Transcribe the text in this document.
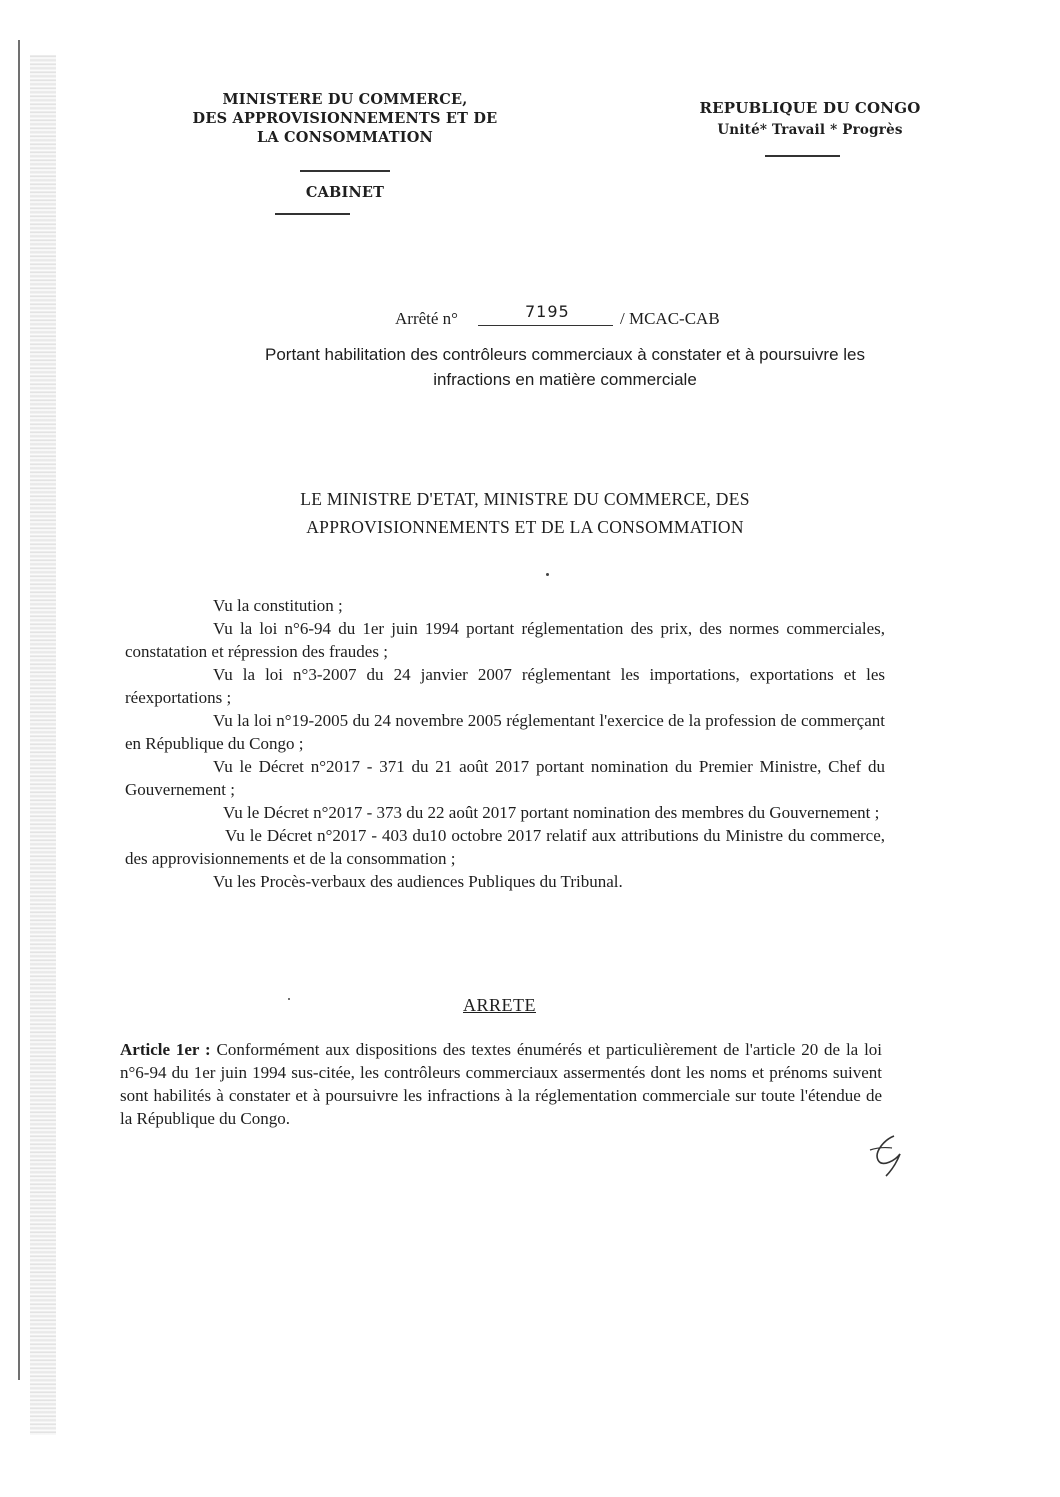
MINISTERE DU COMMERCE,
DES APPROVISIONNEMENTS ET DE
LA CONSOMMATION
CABINET
REPUBLIQUE DU CONGO
Unité* Travail * Progrès
Arrêté n°	7195	/ MCAC-CAB
Portant habilitation des contrôleurs commerciaux à constater et à poursuivre les
infractions en matière commerciale
LE MINISTRE D'ETAT, MINISTRE DU COMMERCE, DES
APPROVISIONNEMENTS ET DE LA CONSOMMATION

Vu la constitution ;

Vu la loi n°6-94 du 1er juin 1994 portant réglementation des prix, des normes commerciales, constatation et répression des fraudes ;

Vu la loi n°3-2007 du 24 janvier 2007 réglementant les importations, exportations et les réexportations ;

Vu la loi n°19-2005 du 24 novembre 2005 réglementant l'exercice de la profession de commerçant en République du Congo ;

Vu le Décret n°2017 - 371 du 21 août 2017 portant nomination du Premier Ministre, Chef du Gouvernement ;

Vu le Décret n°2017 - 373 du 22 août 2017 portant nomination des membres du Gouvernement ;

Vu le Décret n°2017 - 403 du10 octobre 2017 relatif aux attributions du Ministre du commerce, des approvisionnements et de la consommation ;

Vu les Procès-verbaux des audiences Publiques du Tribunal.

ARRETE
Article 1er : Conformément aux dispositions des textes énumérés et particulièrement de l'article 20 de la loi n°6-94 du 1er juin 1994 sus-citée, les contrôleurs commerciaux assermentés dont les noms et prénoms suivent sont habilités à constater et à poursuivre les infractions à la réglementation commerciale sur toute l'étendue de la République du Congo.
